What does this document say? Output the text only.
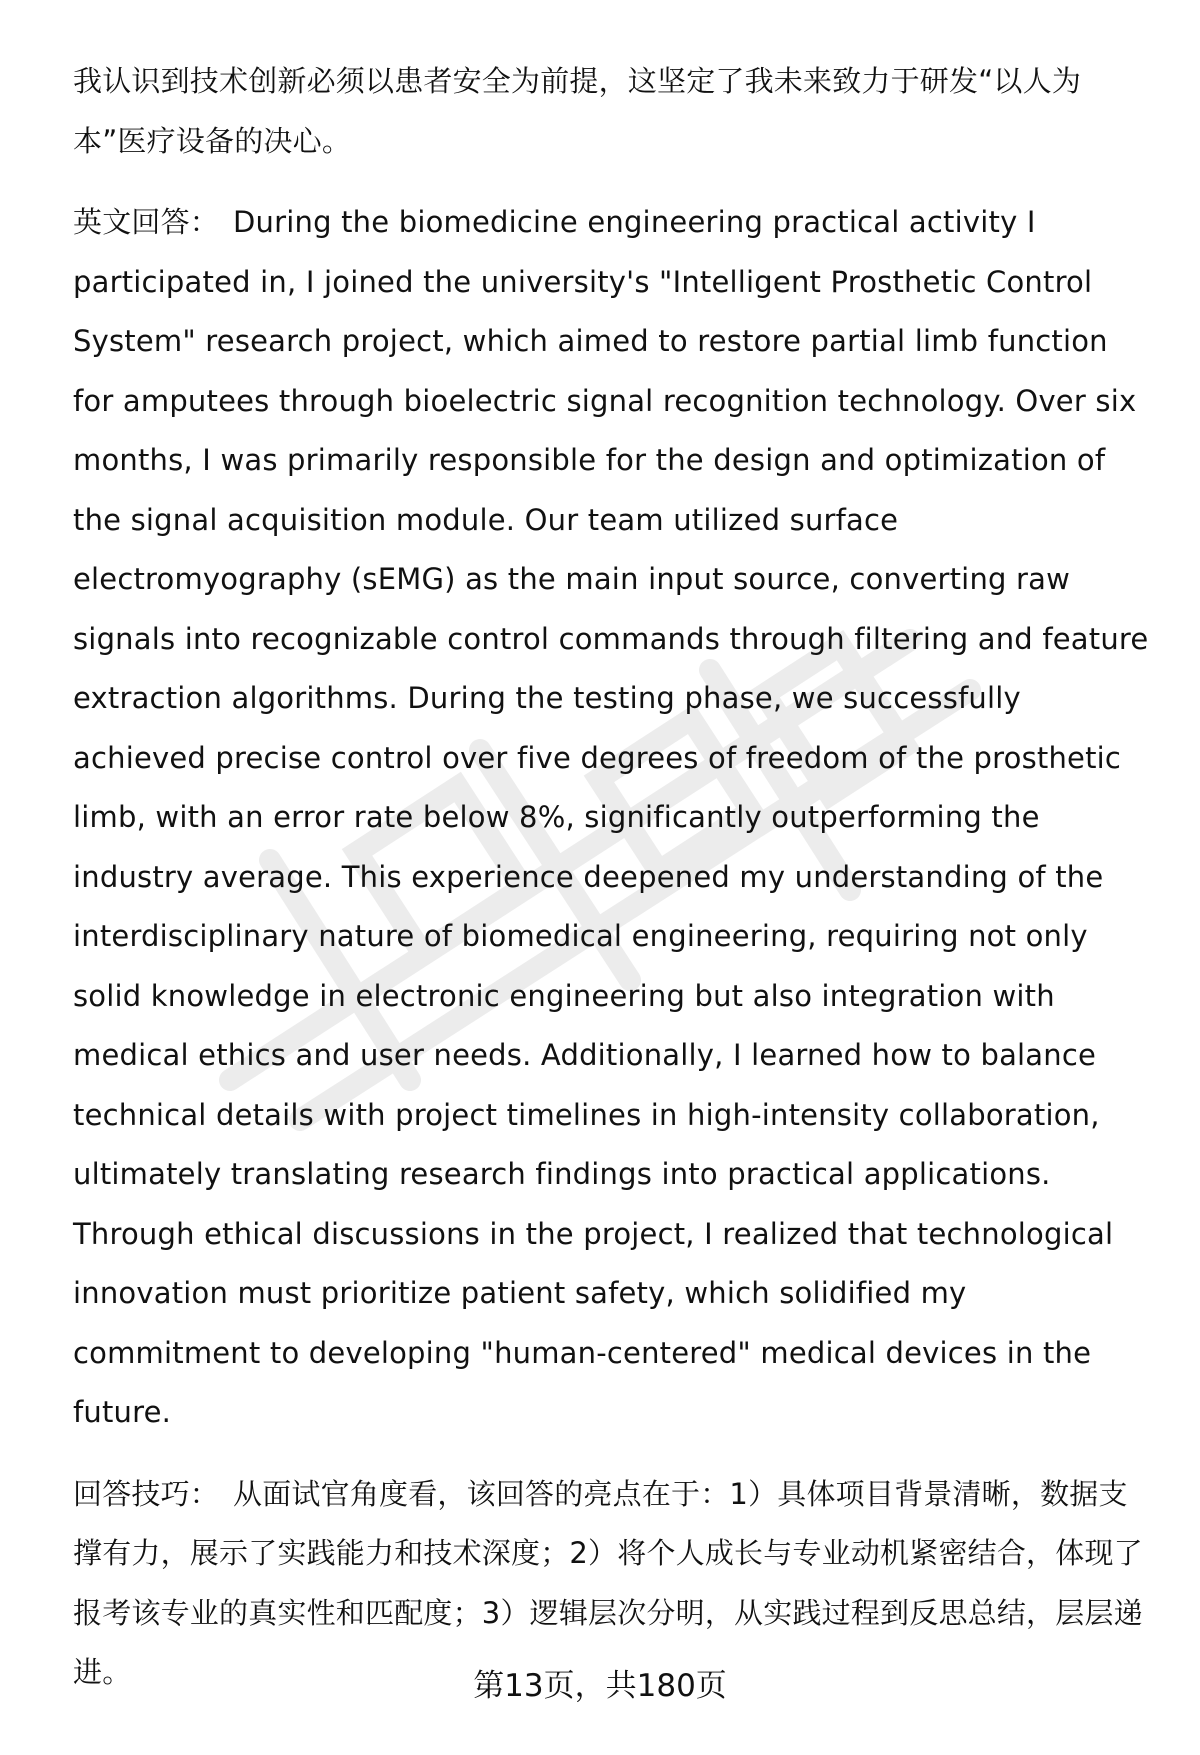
我认识到技术创新必须以患者安全为前提，这坚定了我未来致力于研发“以人为本”医疗设备的决心。

英文回答： During the biomedicine engineering practical activity I participated in, I joined the university's "Intelligent Prosthetic Control System" research project, which aimed to restore partial limb function for amputees through bioelectric signal recognition technology. Over six months, I was primarily responsible for the design and optimization of the signal acquisition module. Our team utilized surface electromyography (sEMG) as the main input source, converting raw signals into recognizable control commands through filtering and feature extraction algorithms. During the testing phase, we successfully achieved precise control over five degrees of freedom of the prosthetic limb, with an error rate below 8%, significantly outperforming the industry average. This experience deepened my understanding of the interdisciplinary nature of biomedical engineering, requiring not only solid knowledge in electronic engineering but also integration with medical ethics and user needs. Additionally, I learned how to balance technical details with project timelines in high-intensity collaboration, ultimately translating research findings into practical applications. Through ethical discussions in the project, I realized that technological innovation must prioritize patient safety, which solidified my commitment to developing "human-centered" medical devices in the future.

回答技巧： 从面试官角度看，该回答的亮点在于：1）具体项目背景清晰，数据支撑有力，展示了实践能力和技术深度；2）将个人成长与专业动机紧密结合，体现了报考该专业的真实性和匹配度；3）逻辑层次分明，从实践过程到反思总结，层层递进。	第13页，共180页
